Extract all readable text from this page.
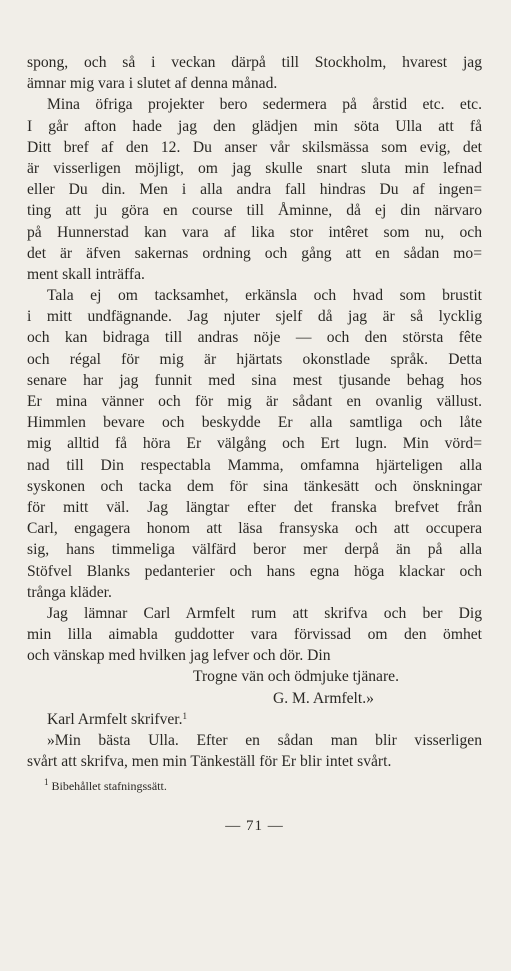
spong, och så i veckan därpå till Stockholm, hvarest jag
ämnar mig vara i slutet af denna månad.
Mina öfriga projekter bero sedermera på årstid etc. etc.
I går afton hade jag den glädjen min söta Ulla att få
Ditt bref af den 12. Du anser vår skilsmässa som evig, det
är visserligen möjligt, om jag skulle snart sluta min lefnad
eller Du din. Men i alla andra fall hindras Du af ingen=
ting att ju göra en course till Åminne, då ej din närvaro
på Hunnerstad kan vara af lika stor intêret som nu, och
det är äfven sakernas ordning och gång att en sådan mo=
ment skall inträffa.
Tala ej om tacksamhet, erkänsla och hvad som brustit
i mitt undfägnande. Jag njuter sjelf då jag är så lycklig
och kan bidraga till andras nöje — och den största fête
och régal för mig är hjärtats okonstlade språk. Detta
senare har jag funnit med sina mest tjusande behag hos
Er mina vänner och för mig är sådant en ovanlig vällust.
Himmlen bevare och beskydde Er alla samtliga och låte
mig alltid få höra Er välgång och Ert lugn. Min vörd=
nad till Din respectabla Mamma, omfamna hjärteligen alla
syskonen och tacka dem för sina tänkesätt och önskningar
för mitt väl. Jag längtar efter det franska brefvet från
Carl, engagera honom att läsa fransyska och att occupera
sig, hans timmeliga välfärd beror mer derpå än på alla
Stöfvel Blanks pedanterier och hans egna höga klackar och
trånga kläder.
Jag lämnar Carl Armfelt rum att skrifva och ber Dig
min lilla aimabla guddotter vara förvissad om den ömhet
och vänskap med hvilken jag lefver och dör. Din
Trogne vän och ödmjuke tjänare.
G. M. Armfelt.»
Karl Armfelt skrifver.$^1$
»Min bästa Ulla. Efter en sådan man blir visserligen
svårt att skrifva, men min Tänkeställ för Er blir intet svårt.
$^1$ Bibehållet stafningssätt.
— 71 —
